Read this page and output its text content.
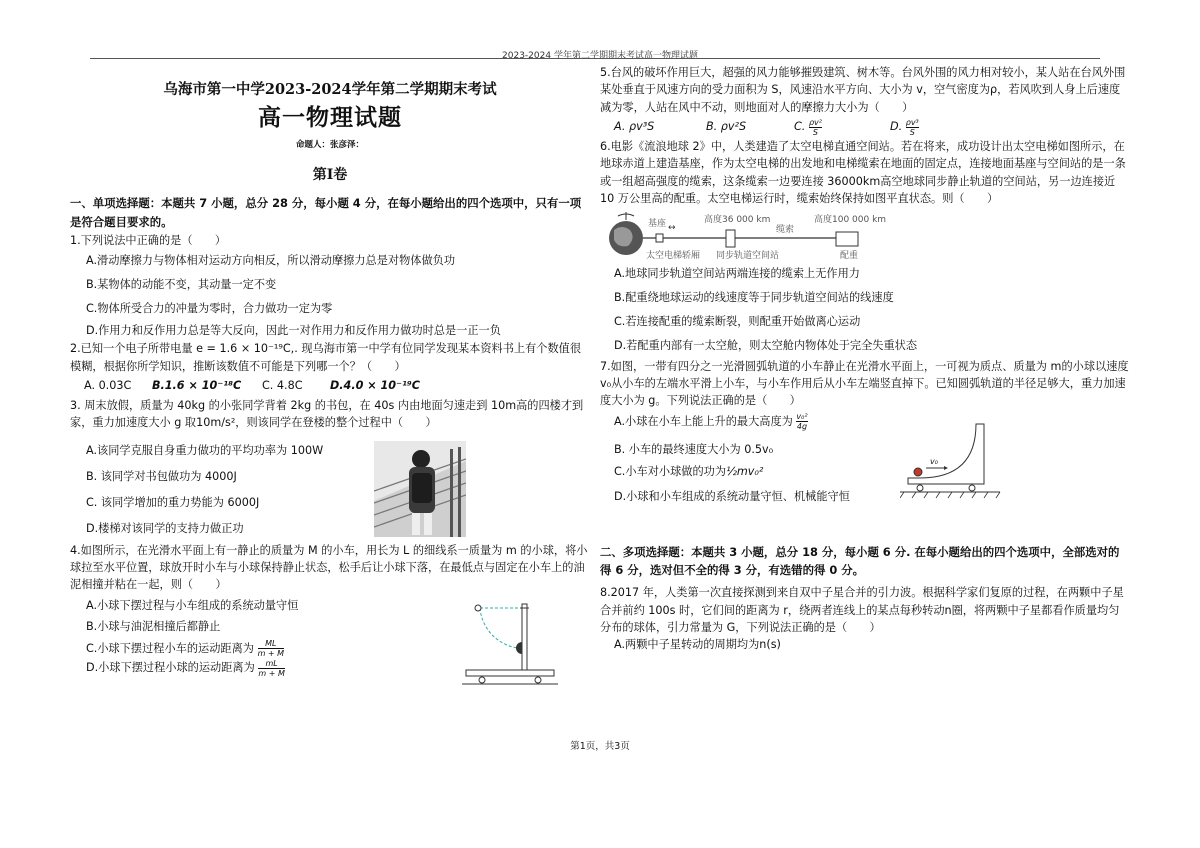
2023-2024 学年第二学期期末考试高一物理试题
乌海市第一中学2023-2024学年第二学期期末考试
高一物理试题
命题人：张彦泽：
第Ⅰ卷
一、单项选择题：本题共 7 小题，总分 28 分，每小题 4 分，在每小题给出的四个选项中，只有一项是符合题目要求的。

1.下列说法中正确的是（　　）

A.滑动摩擦力与物体相对运动方向相反，所以滑动摩擦力总是对物体做负功

B.某物体的动能不变，其动量一定不变

C.物体所受合力的冲量为零时，合力做功一定为零

D.作用力和反作用力总是等大反向，因此一对作用力和反作用力做功时总是一正一负

2.已知一个电子所带电量 e = 1.6 × 10⁻¹⁹C,. 现乌海市第一中学有位同学发现某本资料书上有个数值很模糊，根据你所学知识，推断该数值不可能是下列哪一个？（　　）

A. 0.03C	B.1.6 × 10⁻¹⁸C	C. 4.8C	D.4.0 × 10⁻¹⁹C

3. 周末放假，质量为 40kg 的小张同学背着 2kg 的书包，在 40s 内由地面匀速走到 10m高的四楼才到家，重力加速度大小 g 取10m/s²，则该同学在登楼的整个过程中（　　）

A.该同学克服自身重力做功的平均功率为 100W

B. 该同学对书包做功为 4000J

C. 该同学增加的重力势能为 6000J

D.楼梯对该同学的支持力做正功

4.如图所示，在光滑水平面上有一静止的质量为 M 的小车，用长为 L 的细线系一质量为 m 的小球，将小球拉至水平位置，球放开时小车与小球保持静止状态，松手后让小球下落，在最低点与固定在小车上的油泥相撞并粘在一起，则（　　）

A.小球下摆过程与小车组成的系统动量守恒

B.小球与油泥相撞后都静止

C.小球下摆过程小车的运动距离为 $\frac{ML}{m + M}$
D.小球下摆过程小球的运动距离为 $\frac{mL}{m + M}$

5.台风的破坏作用巨大，超强的风力能够摧毁建筑、树木等。台风外围的风力相对较小，某人站在台风外围某处垂直于风速方向的受力面积为 S，风速沿水平方向、大小为 v，空气密度为ρ，若风吹到人身上后速度减为零，人站在风中不动，则地面对人的摩擦力大小为（　　）

A. ρv³S	B. ρv²S	C. $\frac{\text{ρv²}}{S}$	D. $\frac{\text{ρv³}}{S}$

6.电影《流浪地球 2》中，人类建造了太空电梯直通空间站。若在将来，成功设计出太空电梯如图所示，在地球赤道上建造基座，作为太空电梯的出发地和电梯缆索在地面的固定点，连接地面基座与空间站的是一条或一组超高强度的缆索，这条缆索一边要连接 36000km高空地球同步静止轨道的空间站，另一边连接近 10 万公里高的配重。太空电梯运行时，缆索始终保持如图平直状态。则（　　）

基座 ↔
高度36 000 km
缆索
高度100 000 km
太空电梯轿厢 同步轨道空间站	配重

A.地球同步轨道空间站两端连接的缆索上无作用力

B.配重绕地球运动的线速度等于同步轨道空间站的线速度

C.若连接配重的缆索断裂，则配重开始做离心运动

D.若配重内部有一太空舱，则太空舱内物体处于完全失重状态

7.如图，一带有四分之一光滑圆弧轨道的小车静止在光滑水平面上，一可视为质点、质量为 m的小球以速度 v₀从小车的左端水平滑上小车，与小车作用后从小车左端竖直掉下。已知圆弧轨道的半径足够大，重力加速度大小为 g。下列说法正确的是（　　）

A.小球在小车上能上升的最大高度为 $\frac{\text{v₀²}}{4g}$

B. 小车的最终速度大小为 0.5v₀

C.小车对小球做的功为½mv₀²

D.小球和小车组成的系统动量守恒、机械能守恒

v₀
二、多项选择题：本题共 3 小题，总分 18 分，每小题 6 分. 在每小题给出的四个选项中，全部选对的得 6 分，选对但不全的得 3 分，有选错的得 0 分。

8.2017 年，人类第一次直接探测到来自双中子星合并的引力波。根据科学家们复原的过程，在两颗中子星合并前约 100s 时，它们间的距离为 r，绕两者连线上的某点每秒转动n圈，将两颗中子星都看作质量均匀分布的球体，引力常量为 G，下列说法正确的是（　　）

A.两颗中子星转动的周期均为n(s)

第1页，共3页
